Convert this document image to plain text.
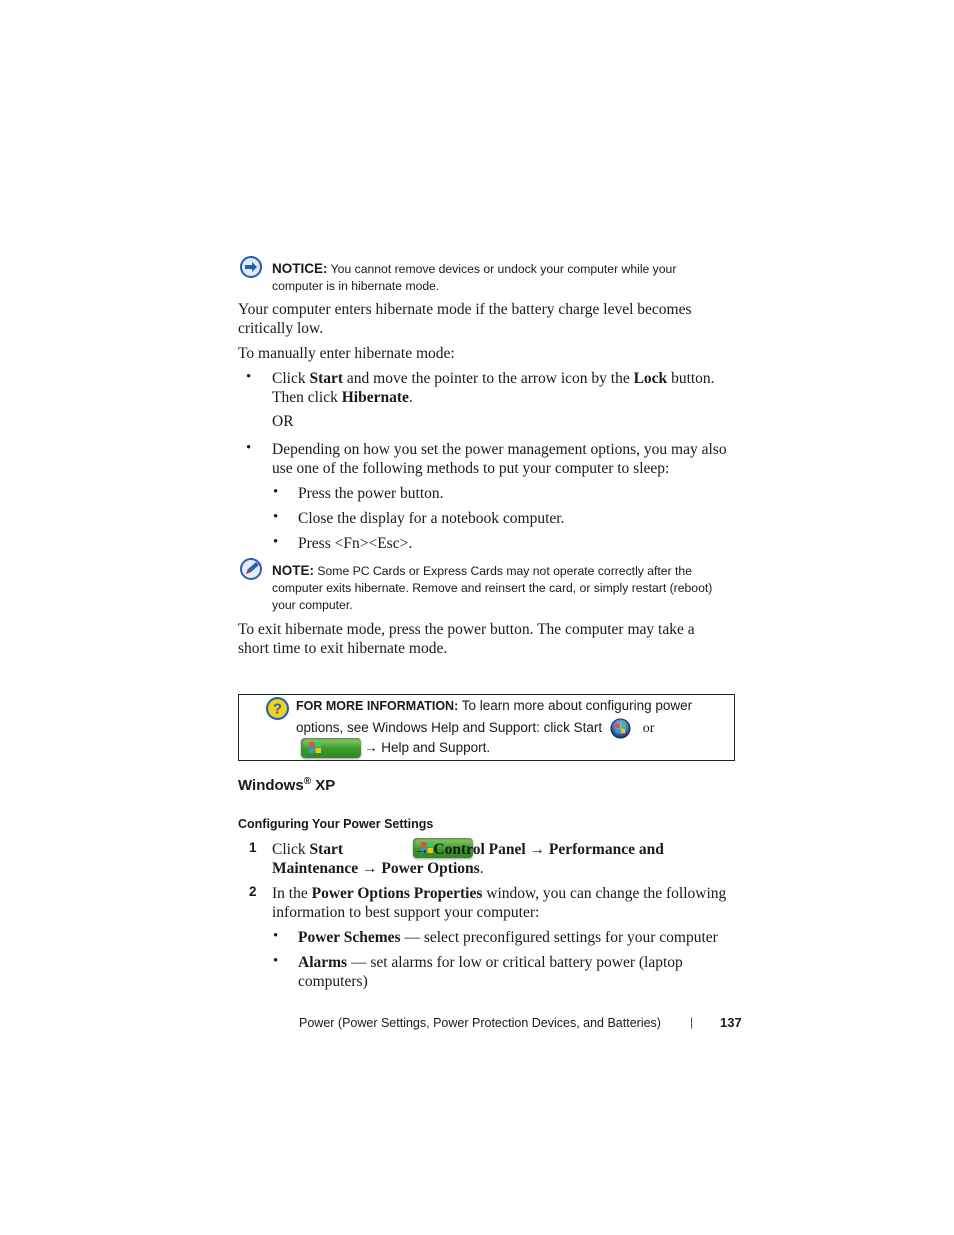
NOTICE: You cannot remove devices or undock your computer while your
computer is in hibernate mode.
Your computer enters hibernate mode if the battery charge level becomes
critically low.
To manually enter hibernate mode:
• Click Start and move the pointer to the arrow icon by the Lock button.
Then click Hibernate.
OR
• Depending on how you set the power management options, you may also
use one of the following methods to put your computer to sleep:
• Press the power button.
• Close the display for a notebook computer.
• Press <Fn><Esc>.
NOTE: Some PC Cards or Express Cards may not operate correctly after the
computer exits hibernate. Remove and reinsert the card, or simply restart (reboot)
your computer.
To exit hibernate mode, press the power button. The computer may take a
short time to exit hibernate mode.
? FOR MORE INFORMATION: To learn more about configuring power
options, see Windows Help and Support: click Start	or

→ Help and Support.
Windows® XP
Configuring Your Power Settings
1 Click Start	→ Control Panel → Performance and
Maintenance → Power Options.
2 In the Power Options Properties window, you can change the following
information to best support your computer:
• Power Schemes — select preconfigured settings for your computer
• Alarms — set alarms for low or critical battery power (laptop
computers)
Power (Power Settings, Power Protection Devices, and Batteries) | 137
